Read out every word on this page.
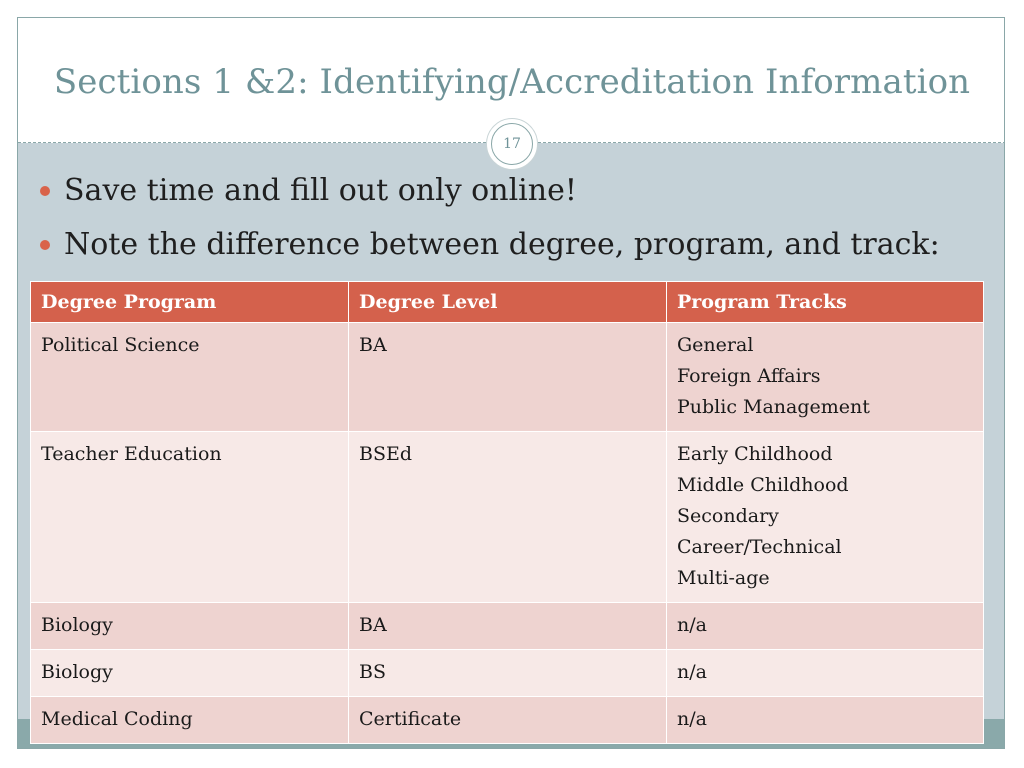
Sections 1 &2: Identifying/Accreditation Information
17
Save time and fill out only online!
Note the difference between degree, program, and track:
Degree Program	Degree Level	Program Tracks
Political Science	BA	General
Foreign Affairs
Public Management

Teacher Education	BSEd	Early Childhood
Middle Childhood
Secondary
Career/Technical
Multi-age

Biology	BA	n/a

Biology	BS	n/a

Medical Coding	Certificate	n/a
